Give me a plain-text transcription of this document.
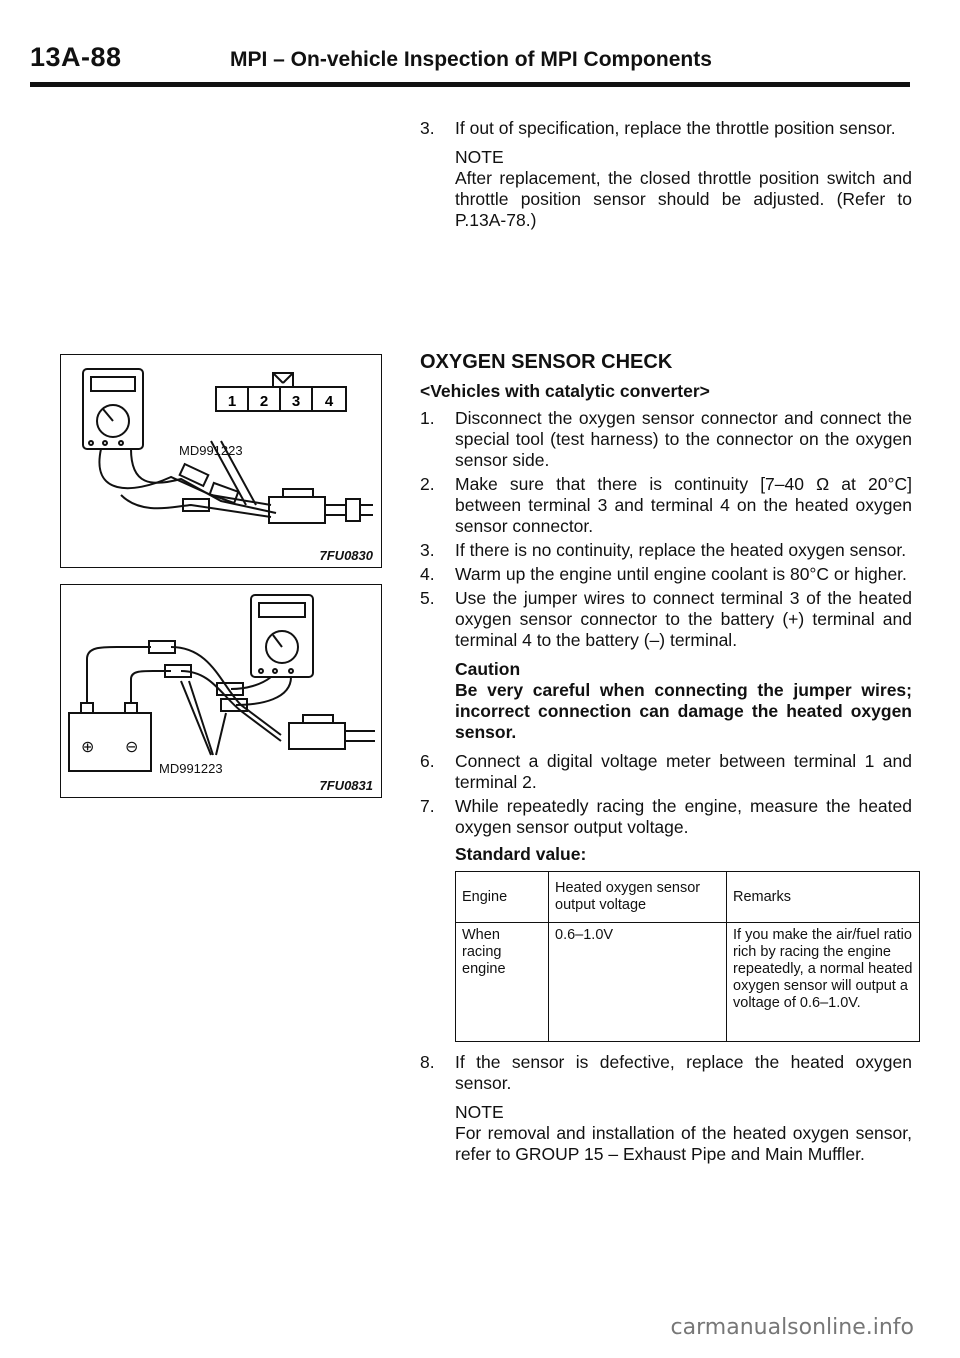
13A-88	MPI – On-vehicle Inspection of MPI Components
3. If out of specification, replace the throttle position sensor.
NOTE
After replacement, the closed throttle position switch and throttle position sensor should be adjusted. (Refer to P.13A-78.)
OXYGEN SENSOR CHECK
<Vehicles with catalytic converter>
1. Disconnect the oxygen sensor connector and connect the special tool (test harness) to the connector on the oxygen sensor side.
2. Make sure that there is continuity [7–40 Ω at 20°C] between terminal 3 and terminal 4 on the heated oxygen sensor connector.
3. If there is no continuity, replace the heated oxygen sensor.
4. Warm up the engine until engine coolant is 80°C or higher.
5. Use the jumper wires to connect terminal 3 of the heated oxygen sensor connector to the battery (+) terminal and terminal 4 to the battery (–) terminal.
Caution
Be very careful when connecting the jumper wires; incorrect connection can damage the heated oxygen sensor.
6. Connect a digital voltage meter between terminal 1 and terminal 2.
7. While repeatedly racing the engine, measure the heated oxygen sensor output voltage.
Standard value:
Engine	Heated oxygen sensor output voltage	Remarks
When racing engine	0.6–1.0V	If you make the air/fuel ratio rich by racing the engine repeatedly, a normal heated oxygen sensor will output a voltage of 0.6–1.0V.
8. If the sensor is defective, replace the heated oxygen sensor.
NOTE
For removal and installation of the heated oxygen sensor, refer to GROUP 15 – Exhaust Pipe and Main Muffler.
1 2 3 4
MD991223
7FU0830
⊕ ⊖
MD991223
7FU0831
carmanualsonline.info
